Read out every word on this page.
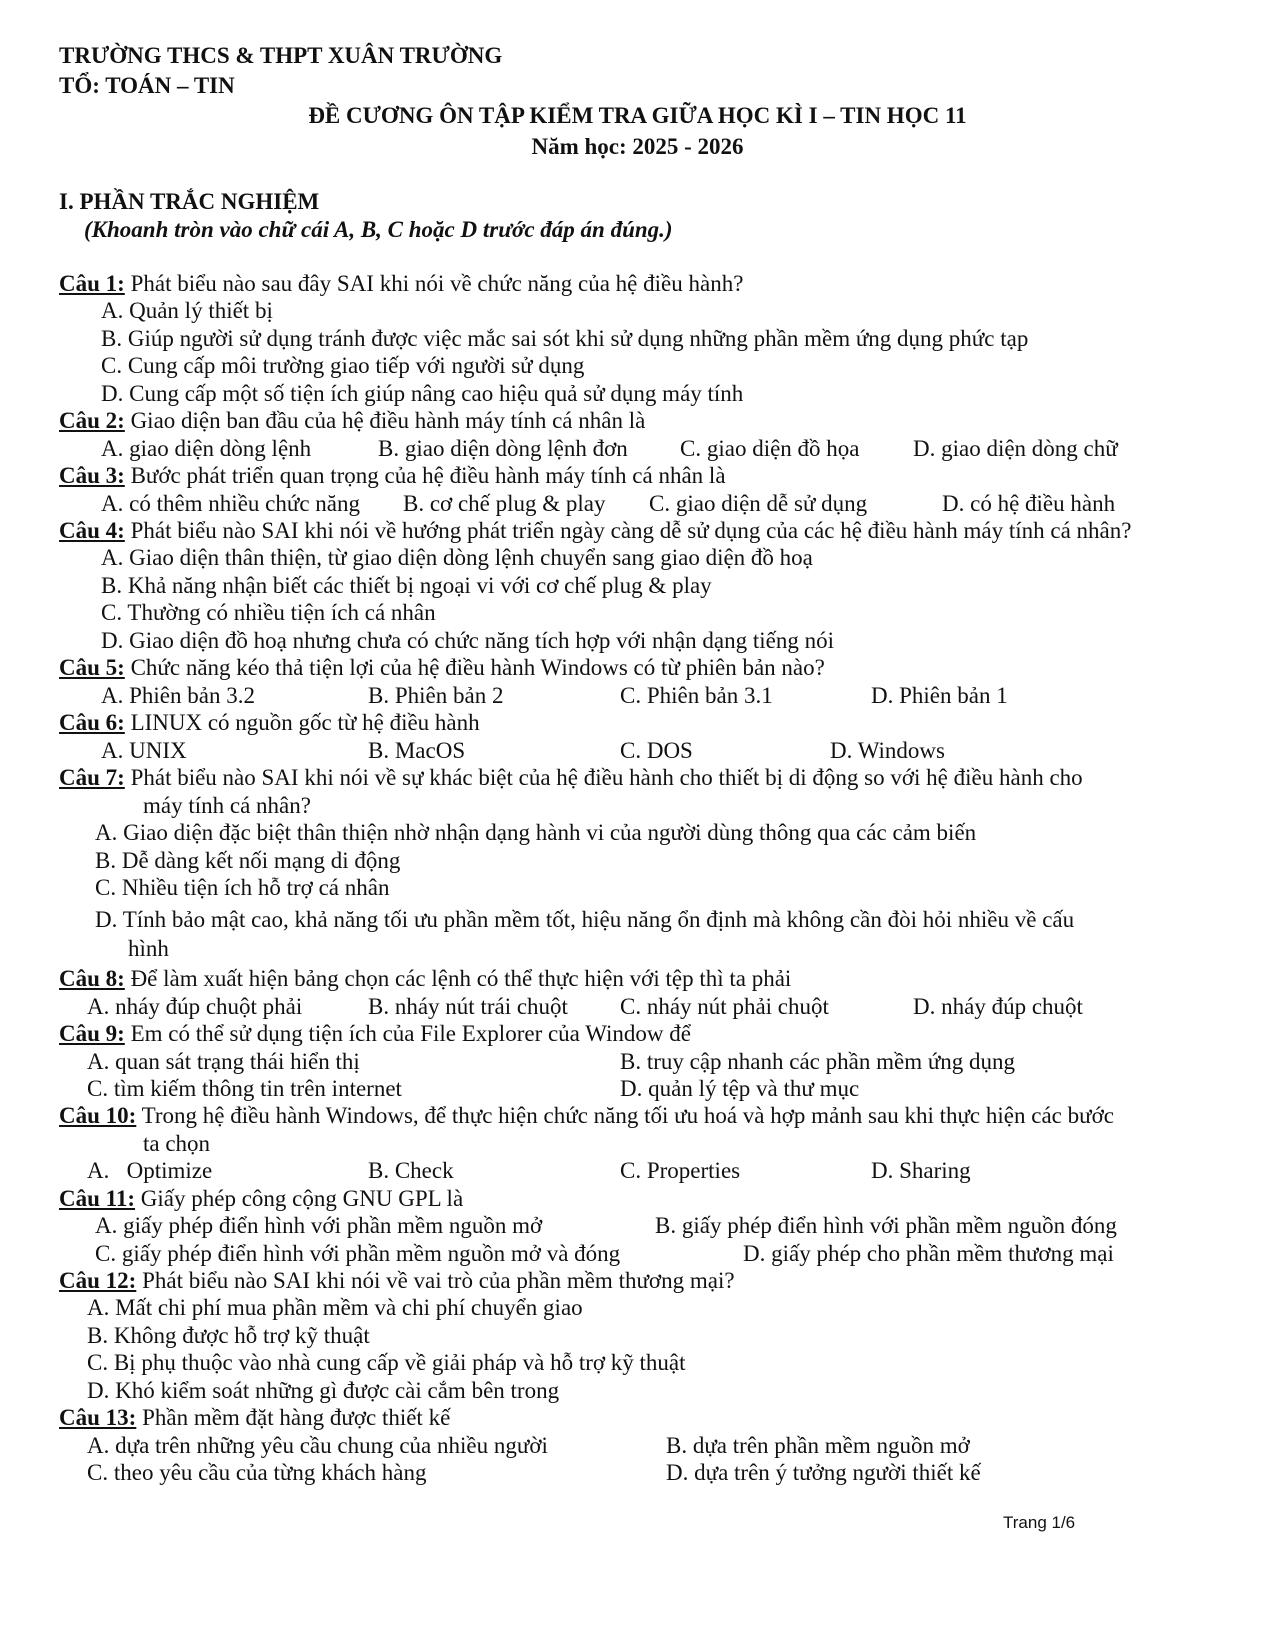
TRƯỜNG THCS & THPT XUÂN TRƯỜNG
TỔ: TOÁN – TIN
ĐỀ CƯƠNG ÔN TẬP KIỂM TRA GIỮA HỌC KÌ I – TIN HỌC 11
Năm học: 2025 - 2026
I. PHẦN TRẮC NGHIỆM
(Khoanh tròn vào chữ cái A, B, C hoặc D trước đáp án đúng.)
Câu 1: Phát biểu nào sau đây SAI khi nói về chức năng của hệ điều hành?
A. Quản lý thiết bị
B. Giúp người sử dụng tránh được việc mắc sai sót khi sử dụng những phần mềm ứng dụng phức tạp
C. Cung cấp môi trường giao tiếp với người sử dụng
D. Cung cấp một số tiện ích giúp nâng cao hiệu quả sử dụng máy tính
Câu 2: Giao diện ban đầu của hệ điều hành máy tính cá nhân là
A. giao diện dòng lệnh	B. giao diện dòng lệnh đơn C. giao diện đồ họa D. giao diện dòng chữ
Câu 3: Bước phát triển quan trọng của hệ điều hành máy tính cá nhân là
A. có thêm nhiều chức năng B. cơ chế plug & play C. giao diện dễ sử dụng	D. có hệ điều hành
Câu 4: Phát biểu nào SAI khi nói về hướng phát triển ngày càng dễ sử dụng của các hệ điều hành máy tính cá nhân?
A. Giao diện thân thiện, từ giao diện dòng lệnh chuyển sang giao diện đồ hoạ
B. Khả năng nhận biết các thiết bị ngoại vi với cơ chế plug & play
C. Thường có nhiều tiện ích cá nhân
D. Giao diện đồ hoạ nhưng chưa có chức năng tích hợp với nhận dạng tiếng nói
Câu 5: Chức năng kéo thả tiện lợi của hệ điều hành Windows có từ phiên bản nào?
A. Phiên bản 3.2	B. Phiên bản 2	C. Phiên bản 3.1	D. Phiên bản 1
Câu 6: LINUX có nguồn gốc từ hệ điều hành
A. UNIX	B. MacOS	C. DOS	D. Windows
Câu 7: Phát biểu nào SAI khi nói về sự khác biệt của hệ điều hành cho thiết bị di động so với hệ điều hành cho
máy tính cá nhân?
A. Giao diện đặc biệt thân thiện nhờ nhận dạng hành vi của người dùng thông qua các cảm biến
B. Dễ dàng kết nối mạng di động
C. Nhiều tiện ích hỗ trợ cá nhân
D. Tính bảo mật cao, khả năng tối ưu phần mềm tốt, hiệu năng ổn định mà không cần đòi hỏi nhiều về cấu
hình
Câu 8: Để làm xuất hiện bảng chọn các lệnh có thể thực hiện với tệp thì ta phải
A. nháy đúp chuột phải	B. nháy nút trái chuột C. nháy nút phải chuột	D. nháy đúp chuột
Câu 9: Em có thể sử dụng tiện ích của File Explorer của Window để
A. quan sát trạng thái hiển thị	B. truy cập nhanh các phần mềm ứng dụng
C. tìm kiếm thông tin trên internet	D. quản lý tệp và thư mục
Câu 10: Trong hệ điều hành Windows, để thực hiện chức năng tối ưu hoá và hợp mảnh sau khi thực hiện các bước
ta chọn
A.   Optimize	B. Check	C. Properties	D. Sharing
Câu 11: Giấy phép công cộng GNU GPL là
A. giấy phép điển hình với phần mềm nguồn mở	B. giấy phép điển hình với phần mềm nguồn đóng
C. giấy phép điển hình với phần mềm nguồn mở và đóng	D. giấy phép cho phần mềm thương mại
Câu 12: Phát biểu nào SAI khi nói về vai trò của phần mềm thương mại?
A. Mất chi phí mua phần mềm và chi phí chuyển giao
B. Không được hỗ trợ kỹ thuật
C. Bị phụ thuộc vào nhà cung cấp về giải pháp và hỗ trợ kỹ thuật
D. Khó kiểm soát những gì được cài cắm bên trong
Câu 13: Phần mềm đặt hàng được thiết kế
A. dựa trên những yêu cầu chung của nhiều người	B. dựa trên phần mềm nguồn mở
C. theo yêu cầu của từng khách hàng	D. dựa trên ý tưởng người thiết kế
Trang 1/6
